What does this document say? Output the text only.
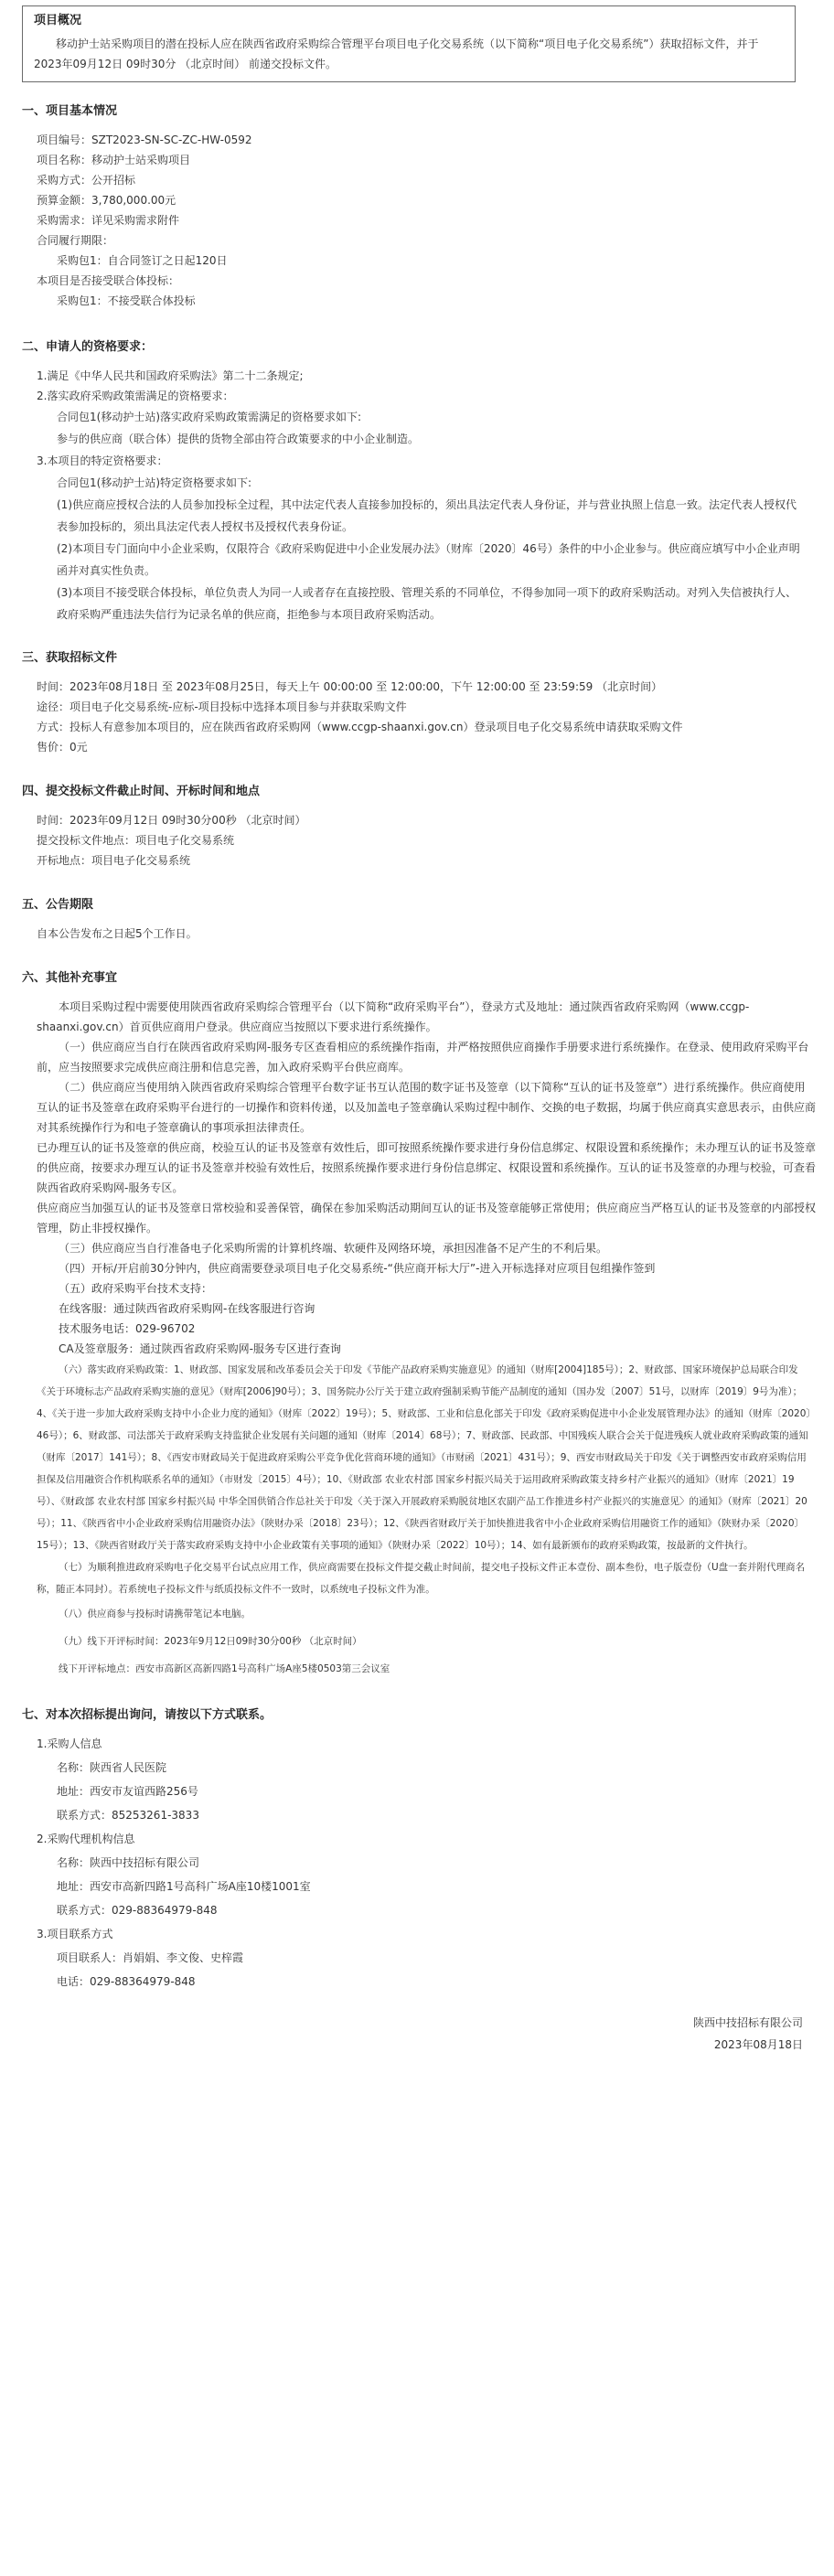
项目概况
移动护士站采购项目的潜在投标人应在陕西省政府采购综合管理平台项目电子化交易系统（以下简称“项目电子化交易系统”）获取招标文件，并于 2023年09月12日 09时30分 （北京时间） 前递交投标文件。
一、项目基本情况
项目编号：SZT2023-SN-SC-ZC-HW-0592
项目名称：移动护士站采购项目
采购方式：公开招标
预算金额：3,780,000.00元
采购需求：详见采购需求附件
合同履行期限：
采购包1：自合同签订之日起120日
本项目是否接受联合体投标：
采购包1：不接受联合体投标
二、申请人的资格要求：
1.满足《中华人民共和国政府采购法》第二十二条规定;
2.落实政府采购政策需满足的资格要求：
合同包1(移动护士站)落实政府采购政策需满足的资格要求如下:
参与的供应商（联合体）提供的货物全部由符合政策要求的中小企业制造。
3.本项目的特定资格要求：
合同包1(移动护士站)特定资格要求如下:
(1)供应商应授权合法的人员参加投标全过程，其中法定代表人直接参加投标的，须出具法定代表人身份证，并与营业执照上信息一致。法定代表人授权代表参加投标的，须出具法定代表人授权书及授权代表身份证。
(2)本项目专门面向中小企业采购，仅限符合《政府采购促进中小企业发展办法》（财库〔2020〕46号）条件的中小企业参与。供应商应填写中小企业声明函并对真实性负责。
(3)本项目不接受联合体投标，单位负责人为同一人或者存在直接控股、管理关系的不同单位，不得参加同一项下的政府采购活动。对列入失信被执行人、政府采购严重违法失信行为记录名单的供应商，拒绝参与本项目政府采购活动。
三、获取招标文件
时间：2023年08月18日 至 2023年08月25日，每天上午 00:00:00 至 12:00:00，下午 12:00:00 至 23:59:59 （北京时间）
途径：项目电子化交易系统-应标-项目投标中选择本项目参与并获取采购文件
方式：投标人有意参加本项目的，应在陕西省政府采购网（www.ccgp-shaanxi.gov.cn）登录项目电子化交易系统申请获取采购文件
售价：0元
四、提交投标文件截止时间、开标时间和地点
时间：2023年09月12日 09时30分00秒 （北京时间）
提交投标文件地点：项目电子化交易系统
开标地点：项目电子化交易系统
五、公告期限
自本公告发布之日起5个工作日。
六、其他补充事宜
本项目采购过程中需要使用陕西省政府采购综合管理平台（以下简称“政府采购平台”），登录方式及地址：通过陕西省政府采购网（www.ccgp-shaanxi.gov.cn）首页供应商用户登录。供应商应当按照以下要求进行系统操作。
（一）供应商应当自行在陕西省政府采购网-服务专区查看相应的系统操作指南，并严格按照供应商操作手册要求进行系统操作。在登录、使用政府采购平台前，应当按照要求完成供应商注册和信息完善，加入政府采购平台供应商库。
（二）供应商应当使用纳入陕西省政府采购综合管理平台数字证书互认范围的数字证书及签章（以下简称“互认的证书及签章”）进行系统操作。供应商使用互认的证书及签章在政府采购平台进行的一切操作和资料传递，以及加盖电子签章确认采购过程中制作、交换的电子数据，均属于供应商真实意思表示，由供应商对其系统操作行为和电子签章确认的事项承担法律责任。
已办理互认的证书及签章的供应商，校验互认的证书及签章有效性后，即可按照系统操作要求进行身份信息绑定、权限设置和系统操作；未办理互认的证书及签章的供应商，按要求办理互认的证书及签章并校验有效性后，按照系统操作要求进行身份信息绑定、权限设置和系统操作。互认的证书及签章的办理与校验，可查看陕西省政府采购网-服务专区。
供应商应当加强互认的证书及签章日常校验和妥善保管，确保在参加采购活动期间互认的证书及签章能够正常使用；供应商应当严格互认的证书及签章的内部授权管理，防止非授权操作。
（三）供应商应当自行准备电子化采购所需的计算机终端、软硬件及网络环境，承担因准备不足产生的不利后果。
（四）开标/开启前30分钟内，供应商需要登录项目电子化交易系统-“供应商开标大厅”-进入开标选择对应项目包组操作签到
（五）政府采购平台技术支持：
在线客服：通过陕西省政府采购网-在线客服进行咨询
技术服务电话：029-96702
CA及签章服务：通过陕西省政府采购网-服务专区进行查询
（六）落实政府采购政策：1、财政部、国家发展和改革委员会关于印发《节能产品政府采购实施意见》的通知（财库[2004]185号）；2、财政部、国家环境保护总局联合印发《关于环境标志产品政府采购实施的意见》（财库[2006]90号）；3、国务院办公厅关于建立政府强制采购节能产品制度的通知（国办发〔2007〕51号，以财库〔2019〕9号为准）；4、《关于进一步加大政府采购支持中小企业力度的通知》（财库〔2022〕19号）；5、财政部、工业和信息化部关于印发《政府采购促进中小企业发展管理办法》的通知（财库〔2020〕46号）；6、财政部、司法部关于政府采购支持监狱企业发展有关问题的通知（财库〔2014〕68号）；7、财政部、民政部、中国残疾人联合会关于促进残疾人就业政府采购政策的通知（财库〔2017〕141号）；8、《西安市财政局关于促进政府采购公平竞争优化营商环境的通知》（市财函〔2021〕431号）；9、西安市财政局关于印发《关于调整西安市政府采购信用担保及信用融资合作机构联系名单的通知》（市财发〔2015〕4号）；10、《财政部 农业农村部 国家乡村振兴局关于运用政府采购政策支持乡村产业振兴的通知》（财库〔2021〕19号）、《财政部 农业农村部 国家乡村振兴局 中华全国供销合作总社关于印发〈关于深入开展政府采购脱贫地区农副产品工作推进乡村产业振兴的实施意见〉的通知》（财库〔2021〕20号）；11、《陕西省中小企业政府采购信用融资办法》（陕财办采〔2018〕23号）；12、《陕西省财政厅关于加快推进我省中小企业政府采购信用融资工作的通知》（陕财办采〔2020〕15号）；13、《陕西省财政厅关于落实政府采购支持中小企业政策有关事项的通知》（陕财办采〔2022〕10号）；14、如有最新颁布的政府采购政策，按最新的文件执行。
（七）为顺利推进政府采购电子化交易平台试点应用工作，供应商需要在投标文件提交截止时间前，提交电子投标文件正本壹份、副本叁份，电子版壹份（U盘一套并附代理商名称，随正本同封）。若系统电子投标文件与纸质投标文件不一致时，以系统电子投标文件为准。
（八）供应商参与投标时请携带笔记本电脑。
（九）线下开评标时间：2023年9月12日09时30分00秒 （北京时间）
线下开评标地点：西安市高新区高新四路1号高科广场A座5楼0503第三会议室
七、对本次招标提出询问，请按以下方式联系。
1.采购人信息
名称：陕西省人民医院
地址：西安市友谊西路256号
联系方式：85253261-3833
2.采购代理机构信息
名称：陕西中技招标有限公司
地址：西安市高新四路1号高科广场A座10楼1001室
联系方式：029-88364979-848
3.项目联系方式
项目联系人：肖娟娟、李文俊、史梓霞
电话：029-88364979-848
陕西中技招标有限公司
2023年08月18日
